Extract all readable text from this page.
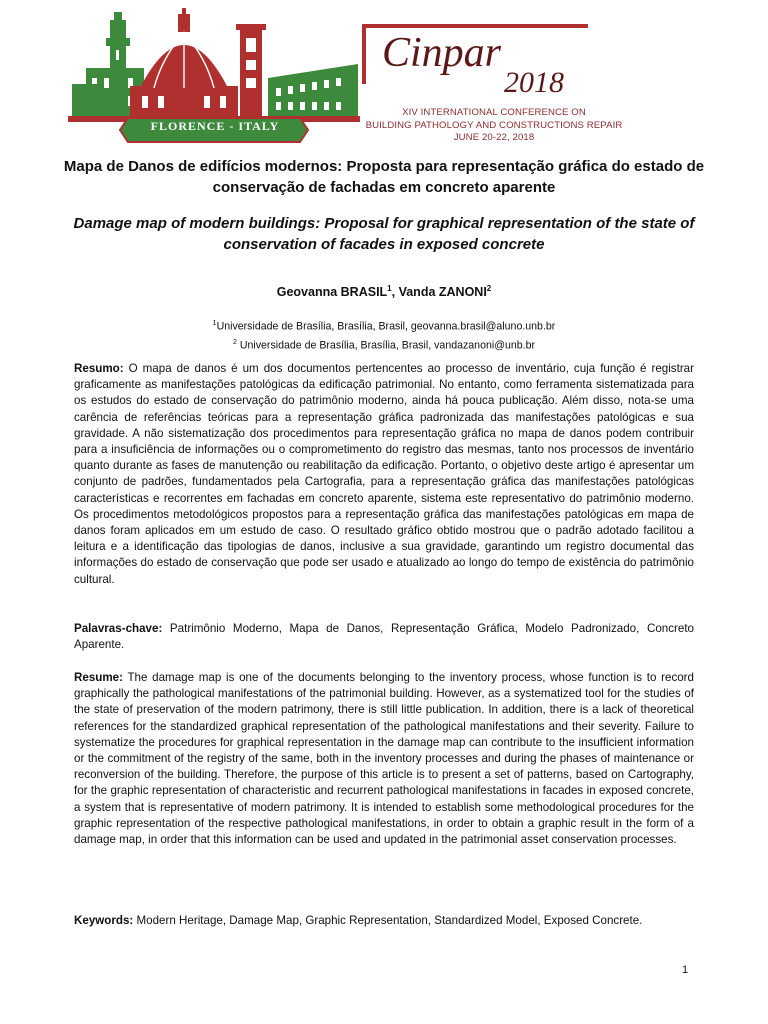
FLORENCE - ITALY
Cinpar
2018
XIV INTERNATIONAL CONFERENCE ON
BUILDING PATHOLOGY AND CONSTRUCTIONS REPAIR
JUNE 20-22, 2018
Mapa de Danos de edifícios modernos: Proposta para representação gráfica do estado de conservação de fachadas em concreto aparente
Damage map of modern buildings: Proposal for graphical representation of the state of conservation of facades in exposed concrete
Geovanna BRASIL$^1$, Vanda ZANONI$^2$
$^1$Universidade de Brasília, Brasília, Brasil, geovanna.brasil@aluno.unb.br
$^2$ Universidade de Brasília, Brasília, Brasil, vandazanoni@unb.br
Resumo: O mapa de danos é um dos documentos pertencentes ao processo de inventário, cuja função é registrar graficamente as manifestações patológicas da edificação patrimonial. No entanto, como ferramenta sistematizada para os estudos do estado de conservação do patrimônio moderno, ainda há pouca publicação. Além disso, nota-se uma carência de referências teóricas para a representação gráfica padronizada das manifestações patológicas e sua gravidade. A não sistematização dos procedimentos para representação gráfica no mapa de danos podem contribuir para a insuficiência de informações ou o comprometimento do registro das mesmas, tanto nos processos de inventário quanto durante as fases de manutenção ou reabilitação da edificação. Portanto, o objetivo deste artigo é apresentar um conjunto de padrões, fundamentados pela Cartografia, para a representação gráfica das manifestações patológicas características e recorrentes em fachadas em concreto aparente, sistema este representativo do patrimônio moderno. Os procedimentos metodológicos propostos para a representação gráfica das manifestações patológicas em mapa de danos foram aplicados em um estudo de caso. O resultado gráfico obtido mostrou que o padrão adotado facilitou a leitura e a identificação das tipologias de danos, inclusive a sua gravidade, garantindo um registro documental das informações do estado de conservação que pode ser usado e atualizado ao longo do tempo de existência do patrimônio cultural.
Palavras-chave: Patrimônio Moderno, Mapa de Danos, Representação Gráfica, Modelo Padronizado, Concreto Aparente.
Resume: The damage map is one of the documents belonging to the inventory process, whose function is to record graphically the pathological manifestations of the patrimonial building. However, as a systematized tool for the studies of the state of preservation of the modern patrimony, there is still little publication. In addition, there is a lack of theoretical references for the standardized graphical representation of the pathological manifestations and their severity. Failure to systematize the procedures for graphical representation in the damage map can contribute to the insufficient information or the commitment of the registry of the same, both in the inventory processes and during the phases of maintenance or reconversion of the building. Therefore, the purpose of this article is to present a set of patterns, based on Cartography, for the graphic representation of characteristic and recurrent pathological manifestations in facades in exposed concrete, a system that is representative of modern patrimony. It is intended to establish some methodological procedures for the graphic representation of the respective pathological manifestations, in order to obtain a graphic result in the form of a damage map, in order that this information can be used and updated in the patrimonial asset conservation processes.
Keywords: Modern Heritage, Damage Map, Graphic Representation, Standardized Model, Exposed Concrete.
1
